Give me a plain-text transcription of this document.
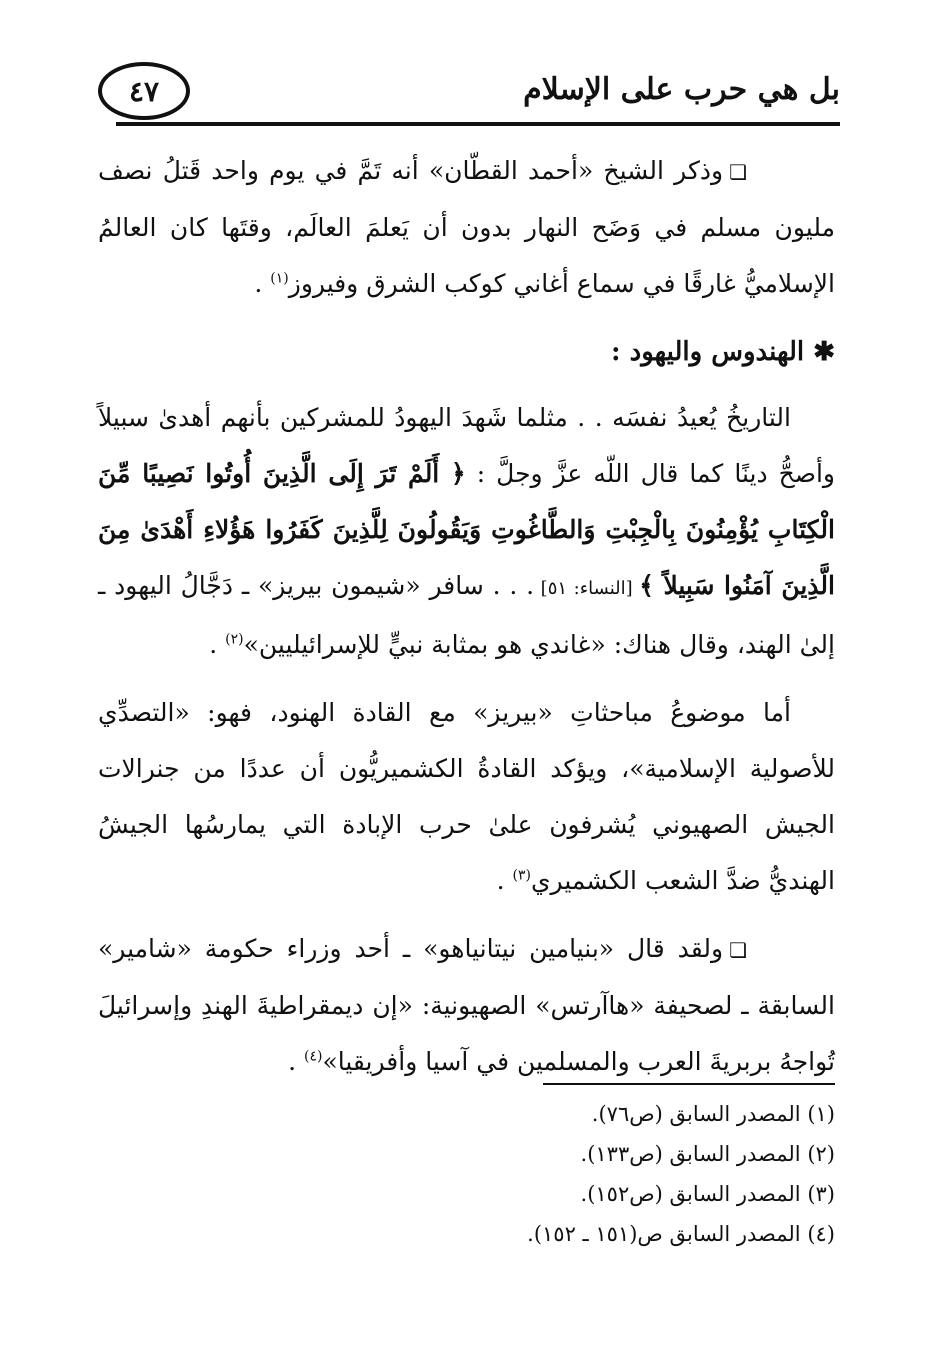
بل هي حرب على الإسلام
٤٧

❏وذكر الشيخ «أحمد القطّان» أنه تَمَّ في يوم واحد قَتلُ نصف مليون مسلم في وَضَح النهار بدون أن يَعلمَ العالَم، وقتَها كان العالمُ الإسلاميُّ غارقًا في سماع أغاني كوكب الشرق وفيروز$^{(١)}$ .

✱ الهندوس واليهود :

التاريخُ يُعيدُ نفسَه . . مثلما شَهدَ اليهودُ للمشركين بأنهم أهدىٰ سبيلاً وأصحُّ دينًا كما قال اللّه عزَّ وجلَّ : ﴿ أَلَمْ تَرَ إِلَى الَّذِينَ أُوتُوا نَصِيبًا مِّنَ الْكِتَابِ يُؤْمِنُونَ بِالْجِبْتِ وَالطَّاغُوتِ وَيَقُولُونَ لِلَّذِينَ كَفَرُوا هَؤُلاءِ أَهْدَىٰ مِنَ الَّذِينَ آمَنُوا سَبِيلاً ﴾ [النساء: ٥١] . . . سافر «شيمون بيريز» ـ دَجَّالُ اليهود ـ إلىٰ الهند، وقال هناك: «غاندي هو بمثابة نبيٍّ للإسرائيليين»$^{(٢)}$ .

أما موضوعُ مباحثاتِ «بيريز» مع القادة الهنود، فهو: «التصدِّي للأصولية الإسلامية»، ويؤكد القادةُ الكشميريُّون أن عددًا من جنرالات الجيش الصهيوني يُشرفون علىٰ حرب الإبادة التي يمارسُها الجيشُ الهنديُّ ضدَّ الشعب الكشميري$^{(٣)}$ .

❏ولقد قال «بنيامين نيتانياهو» ـ أحد وزراء حكومة «شامير» السابقة ـ لصحيفة «هاآرتس» الصهيونية: «إن ديمقراطيةَ الهندِ وإسرائيلَ تُواجهُ بربريةَ العرب والمسلمين في آسيا وأفريقيا»$^{(٤)}$ .

(١) المصدر السابق (ص٧٦).

(٢) المصدر السابق (ص١٣٣).

(٣) المصدر السابق (ص١٥٢).

(٤) المصدر السابق ص(١٥١ ـ ١٥٢).
